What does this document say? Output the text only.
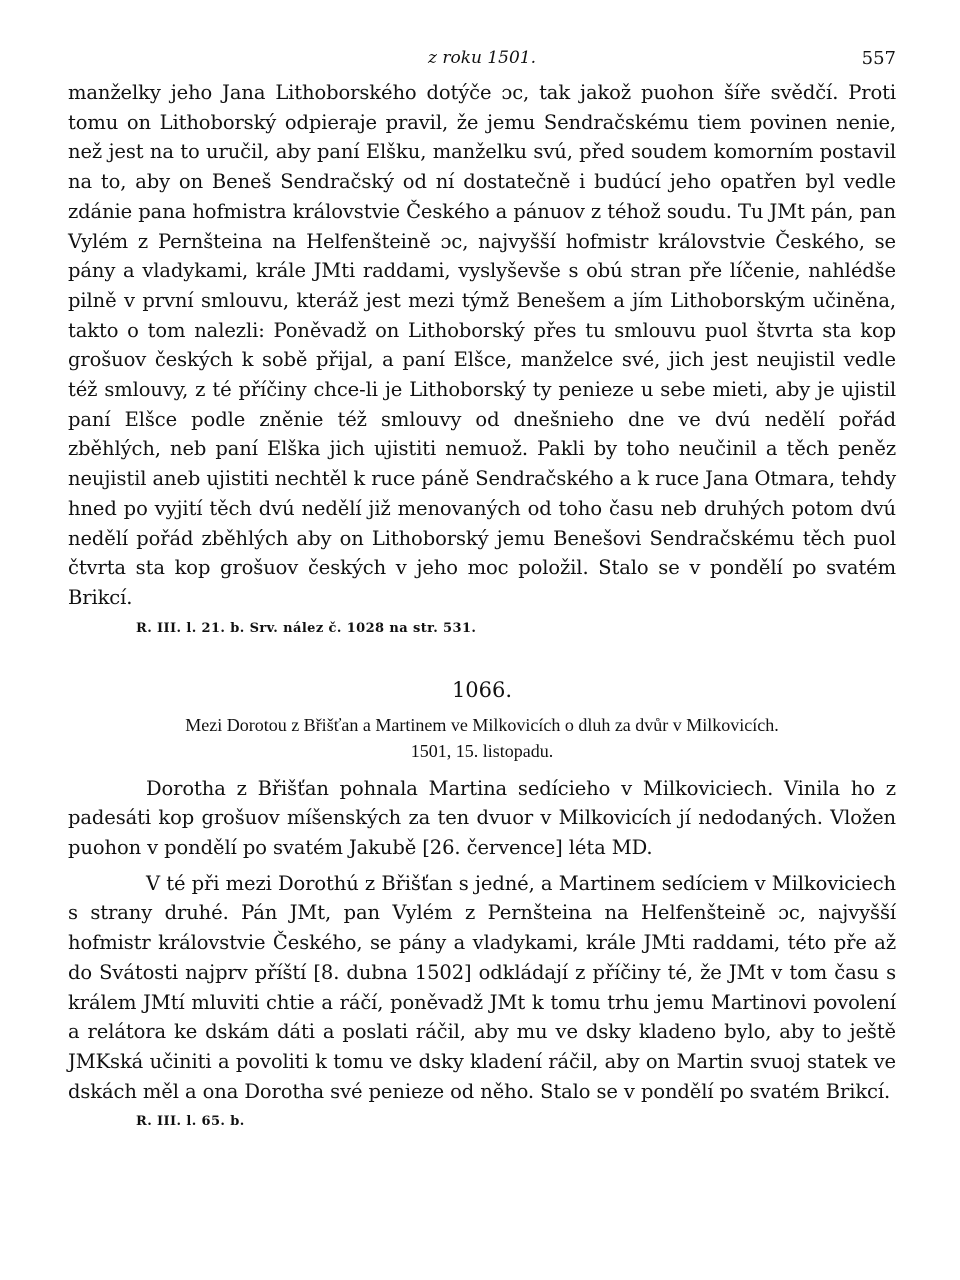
z roku 1501.	557

manželky jeho Jana Lithoborského dotýče ɔc, tak jakož puohon šíře svědčí. Proti tomu on Lithoborský odpieraje pravil, že jemu Sendračskému tiem povinen nenie, než jest na to uručil, aby paní Elšku, manželku svú, před soudem komorním postavil na to, aby on Beneš Sendračský od ní dostatečně i budúcí jeho opatřen byl vedle zdánie pana hofmistra královstvie Českého a pánuov z téhož soudu. Tu JMt pán, pan Vylém z Pernšteina na Helfenšteině ɔc, najvyšší hofmistr královstvie Českého, se pány a vladykami, krále JMti raddami, vyslyševše s obú stran pře líčenie, nahlédše pilně v první smlouvu, kteráž jest mezi týmž Benešem a jím Lithoborským učiněna, takto o tom nalezli: Poněvadž on Lithoborský přes tu smlouvu puol štvrta sta kop grošuov českých k sobě přijal, a paní Elšce, manželce své, jich jest neujistil vedle též smlouvy, z té příčiny chce-li je Lithoborský ty penieze u sebe mieti, aby je ujistil paní Elšce podle zněnie též smlouvy od dnešnieho dne ve dvú nedělí pořád zběhlých, neb paní Elška jich ujistiti nemuož. Pakli by toho neučinil a těch peněz neujistil aneb ujistiti nechtěl k ruce páně Sendračského a k ruce Jana Otmara, tehdy hned po vyjití těch dvú nedělí již menovaných od toho času neb druhých potom dvú nedělí pořád zběhlých aby on Lithoborský jemu Benešovi Sendračskému těch puol čtvrta sta kop grošuov českých v jeho moc položil. Stalo se v pondělí po svatém Brikcí.

R. III. l. 21. b. Srv. nález č. 1028 na str. 531.
1066.
Mezi Dorotou z Břišťan a Martinem ve Milkovicích o dluh za dvůr v Milkovicích.
1501, 15. listopadu.

Dorotha z Břišťan pohnala Martina sedícieho v Milkoviciech. Vinila ho z padesáti kop grošuov míšenských za ten dvuor v Milkovicích jí nedodaných. Vložen puohon v pondělí po svatém Jakubě [26. července] léta MD.

V té při mezi Dorothú z Břišťan s jedné, a Martinem sedíciem v Milkoviciech s strany druhé. Pán JMt, pan Vylém z Pernšteina na Helfenšteině ɔc, najvyšší hofmistr královstvie Českého, se pány a vladykami, krále JMti raddami, této pře až do Svátosti najprv příští [8. dubna 1502] odkládají z příčiny té, že JMt v tom času s králem JMtí mluviti chtie a ráčí, poněvadž JMt k tomu trhu jemu Martinovi povolení a relátora ke dskám dáti a poslati ráčil, aby mu ve dsky kladeno bylo, aby to ještě JMKská učiniti a povoliti k tomu ve dsky kladení ráčil, aby on Martin svuoj statek ve dskách měl a ona Dorotha své penieze od něho. Stalo se v pondělí po svatém Brikcí.

R. III. l. 65. b.
